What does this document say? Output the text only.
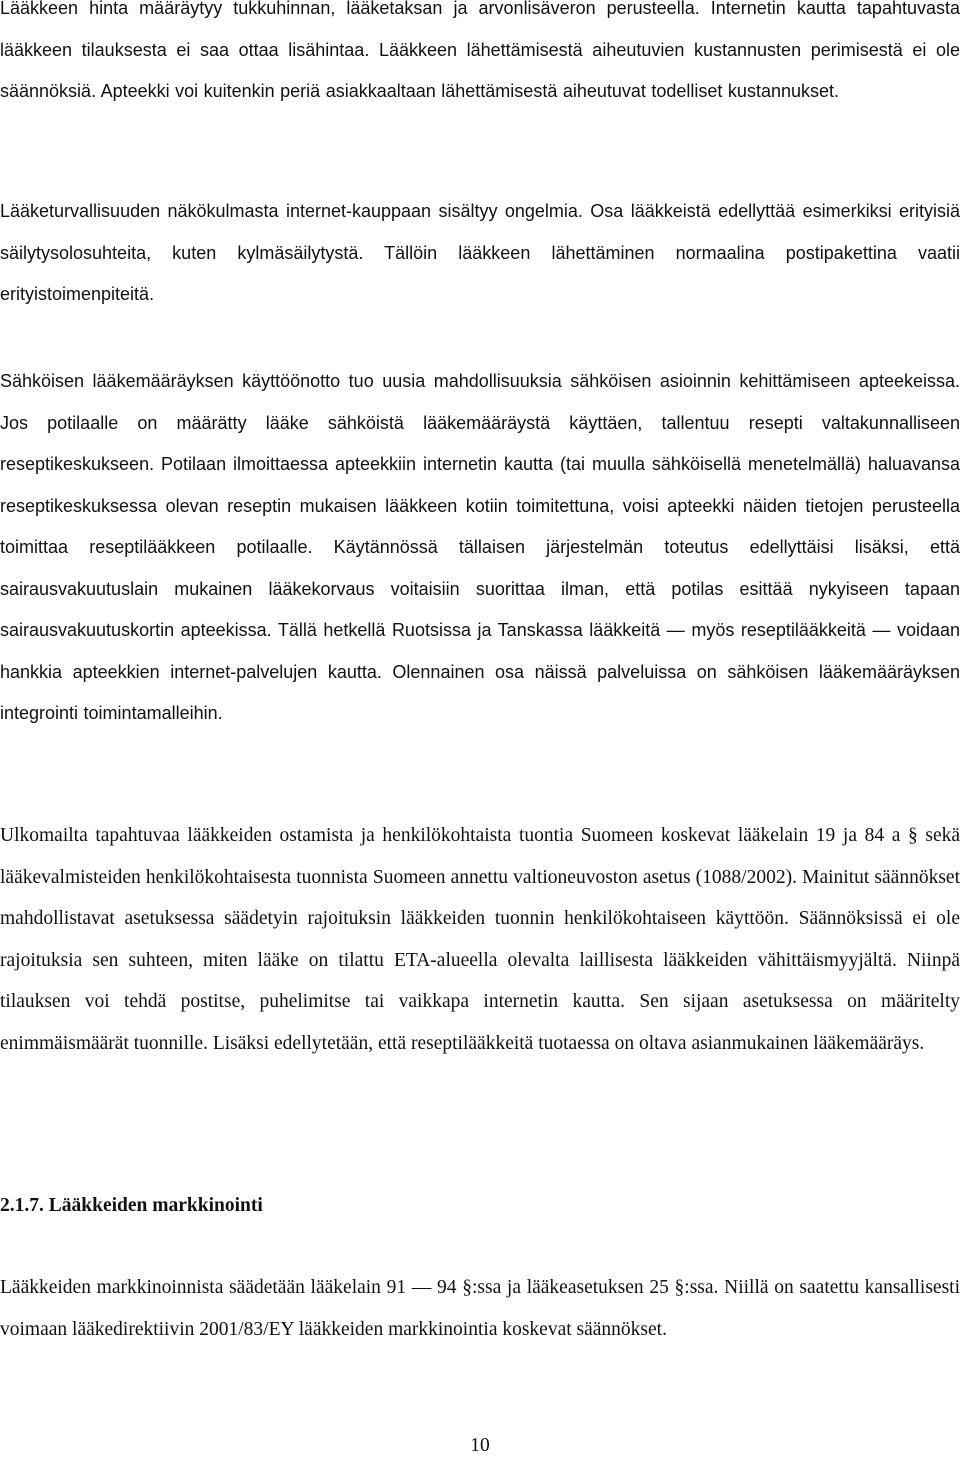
Lääkkeen hinta määräytyy tukkuhinnan, lääketaksan ja arvonlisäveron perusteella. Internetin kautta tapahtuvasta lääkkeen tilauksesta ei saa ottaa lisähintaa. Lääkkeen lähettämisestä aiheutuvien kustannusten perimisestä ei ole säännöksiä. Apteekki voi kuitenkin periä asiakkaaltaan lähettämisestä aiheutuvat todelliset kustannukset.

Lääketurvallisuuden näkökulmasta internet-kauppaan sisältyy ongelmia. Osa lääkkeistä edellyttää esimerkiksi erityisiä säilytysolosuhteita, kuten kylmäsäilytystä. Tällöin lääkkeen lähettäminen normaalina postipakettina vaatii erityistoimenpiteitä.

Sähköisen lääkemääräyksen käyttöönotto tuo uusia mahdollisuuksia sähköisen asioinnin kehittämiseen apteekeissa. Jos potilaalle on määrätty lääke sähköistä lääkemääräystä käyttäen, tallentuu resepti valtakunnalliseen reseptikeskukseen. Potilaan ilmoittaessa apteekkiin internetin kautta (tai muulla sähköisellä menetelmällä) haluavansa reseptikeskuksessa olevan reseptin mukaisen lääkkeen kotiin toimitettuna, voisi apteekki näiden tietojen perusteella toimittaa reseptilääkkeen potilaalle. Käytännössä tällaisen järjestelmän toteutus edellyttäisi lisäksi, että sairausvakuutuslain mukainen lääkekorvaus voitaisiin suorittaa ilman, että potilas esittää nykyiseen tapaan sairausvakuutuskortin apteekissa. Tällä hetkellä Ruotsissa ja Tanskassa lääkkeitä — myös reseptilääkkeitä — voidaan hankkia apteekkien internet-palvelujen kautta. Olennainen osa näissä palveluissa on sähköisen lääkemääräyksen integrointi toimintamalleihin.

Ulkomailta tapahtuvaa lääkkeiden ostamista ja henkilökohtaista tuontia Suomeen koskevat lääkelain 19 ja 84 a § sekä lääkevalmisteiden henkilökohtaisesta tuonnista Suomeen annettu valtioneuvoston asetus (1088/2002). Mainitut säännökset mahdollistavat asetuksessa säädetyin rajoituksin lääkkeiden tuonnin henkilökohtaiseen käyttöön. Säännöksissä ei ole rajoituksia sen suhteen, miten lääke on tilattu ETA-alueella olevalta laillisesta lääkkeiden vähittäismyyjältä. Niinpä tilauksen voi tehdä postitse, puhelimitse tai vaikkapa internetin kautta. Sen sijaan asetuksessa on määritelty enimmäismäärät tuonnille. Lisäksi edellytetään, että reseptilääkkeitä tuotaessa on oltava asianmukainen lääkemääräys.

2.1.7. Lääkkeiden markkinointi

Lääkkeiden markkinoinnista säädetään lääkelain 91 — 94 §:ssa ja lääkeasetuksen 25 §:ssa. Niillä on saatettu kansallisesti voimaan lääkedirektiivin 2001/83/EY lääkkeiden markkinointia koskevat säännökset.

10
